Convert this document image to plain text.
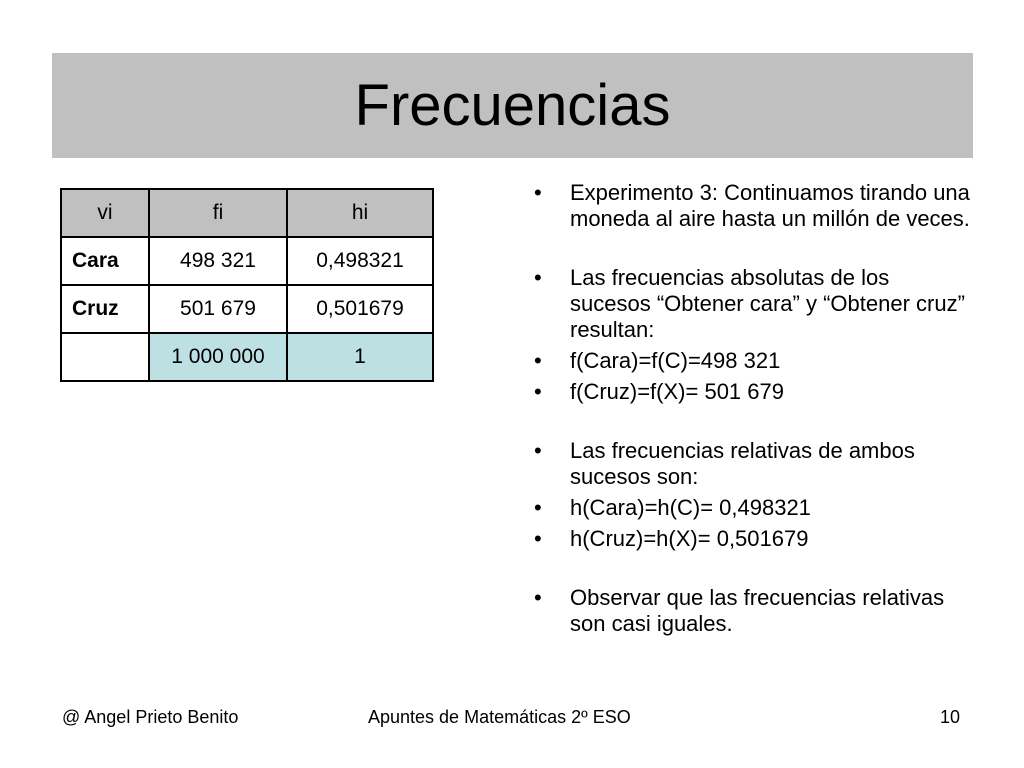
Frecuencias
vi	fi	hi
Cara	498 321	0,498321
Cruz	501 679	0,501679
	1 000 000	1
• Experimento 3: Continuamos tirando una moneda al aire hasta un millón de veces.
• Las frecuencias absolutas de los sucesos “Obtener cara” y “Obtener cruz” resultan:
• f(Cara)=f(C)=498 321
• f(Cruz)=f(X)= 501 679
• Las frecuencias relativas de ambos sucesos son:
• h(Cara)=h(C)= 0,498321
• h(Cruz)=h(X)= 0,501679
• Observar que las frecuencias relativas son casi iguales.
@ Angel Prieto Benito	Apuntes de Matemáticas 2º ESO	10
